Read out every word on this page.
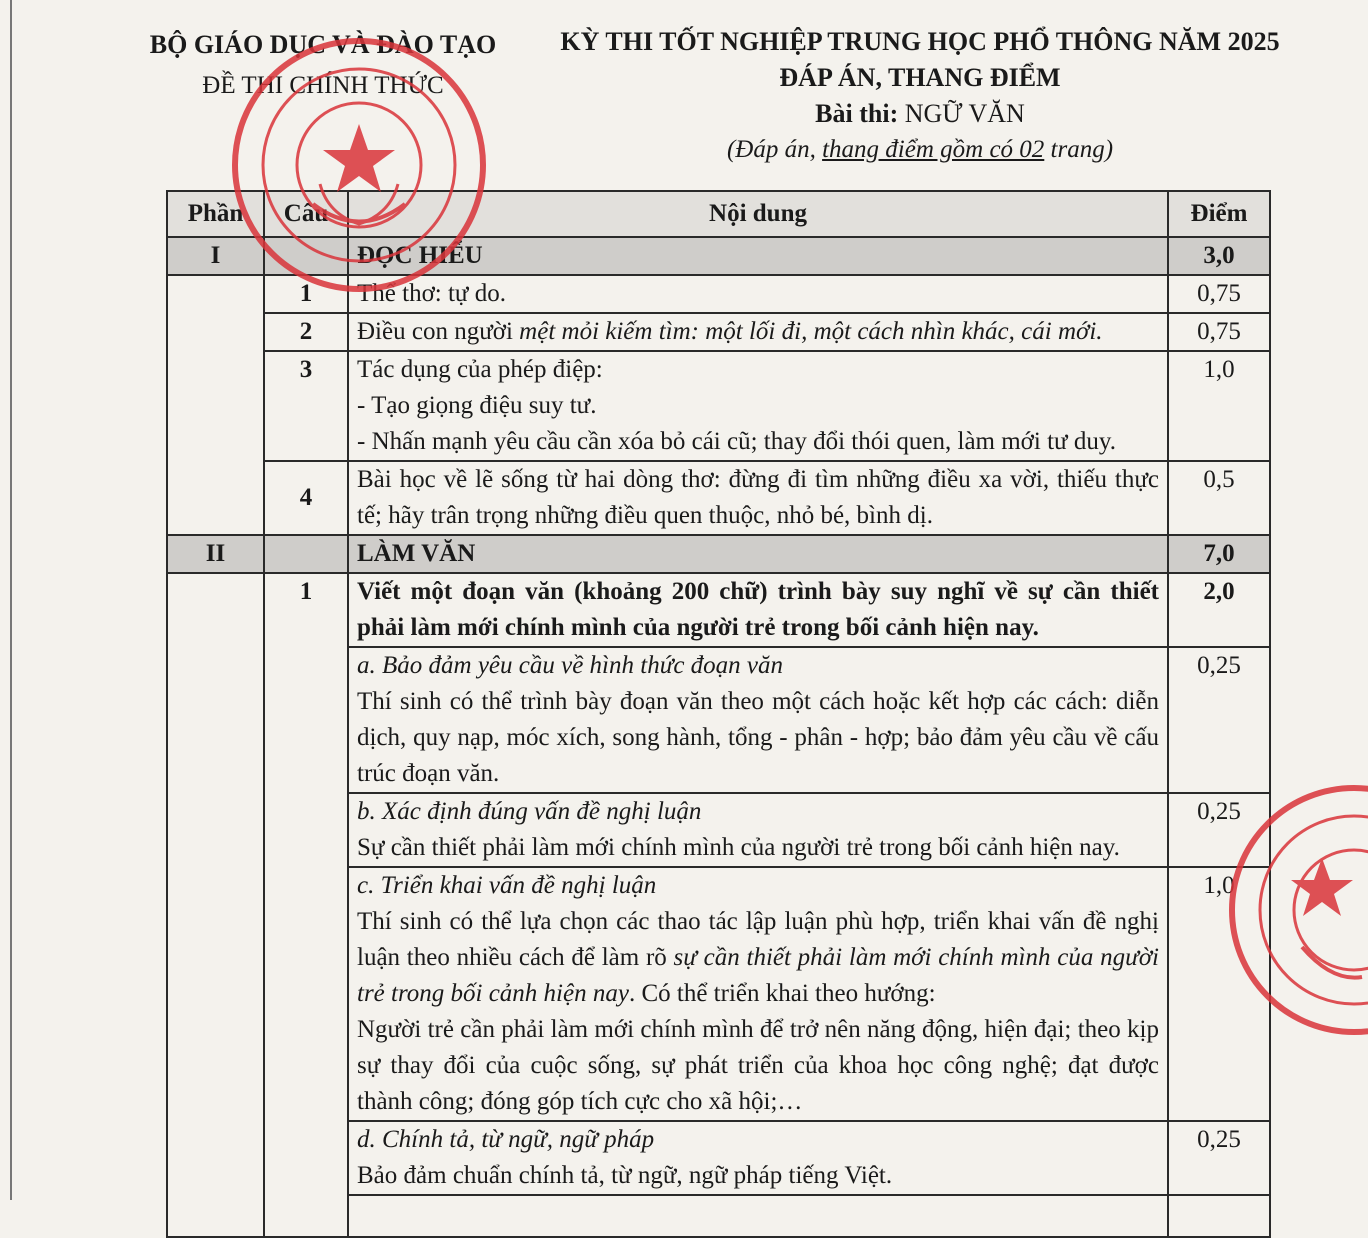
BỘ GIÁO DỤC VÀ ĐÀO TẠO
ĐỀ THI CHÍNH THỨC
KỲ THI TỐT NGHIỆP TRUNG HỌC PHỔ THÔNG NĂM 2025
ĐÁP ÁN, THANG ĐIỂM
Bài thi: NGỮ VĂN
(Đáp án, thang điểm gồm có 02 trang)
Phần	Câu	Nội dung	Điểm
I		ĐỌC HIỂU	3,0
	1	Thể thơ: tự do.	0,75
	2	Điều con người mệt mỏi kiếm tìm: một lối đi, một cách nhìn khác, cái mới.	0,75
	3	Tác dụng của phép điệp:
- Tạo giọng điệu suy tư.
- Nhấn mạnh yêu cầu cần xóa bỏ cái cũ; thay đổi thói quen, làm mới tư duy.	1,0
	4	Bài học về lẽ sống từ hai dòng thơ: đừng đi tìm những điều xa vời, thiếu thực tế; hãy trân trọng những điều quen thuộc, nhỏ bé, bình dị.	0,5
II		LÀM VĂN	7,0
	1	Viết một đoạn văn (khoảng 200 chữ) trình bày suy nghĩ về sự cần thiết phải làm mới chính mình của người trẻ trong bối cảnh hiện nay.	2,0

		a. Bảo đảm yêu cầu về hình thức đoạn văn
Thí sinh có thể trình bày đoạn văn theo một cách hoặc kết hợp các cách: diễn dịch, quy nạp, móc xích, song hành, tổng - phân - hợp; bảo đảm yêu cầu về cấu trúc đoạn văn.	0,25

		b. Xác định đúng vấn đề nghị luận
Sự cần thiết phải làm mới chính mình của người trẻ trong bối cảnh hiện nay.	0,25

		c. Triển khai vấn đề nghị luận
Thí sinh có thể lựa chọn các thao tác lập luận phù hợp, triển khai vấn đề nghị luận theo nhiều cách để làm rõ sự cần thiết phải làm mới chính mình của người trẻ trong bối cảnh hiện nay. Có thể triển khai theo hướng:
Người trẻ cần phải làm mới chính mình để trở nên năng động, hiện đại; theo kịp sự thay đổi của cuộc sống, sự phát triển của khoa học công nghệ; đạt được thành công; đóng góp tích cực cho xã hội;…	1,0

		d. Chính tả, từ ngữ, ngữ pháp
Bảo đảm chuẩn chính tả, từ ngữ, ngữ pháp tiếng Việt.	0,25
